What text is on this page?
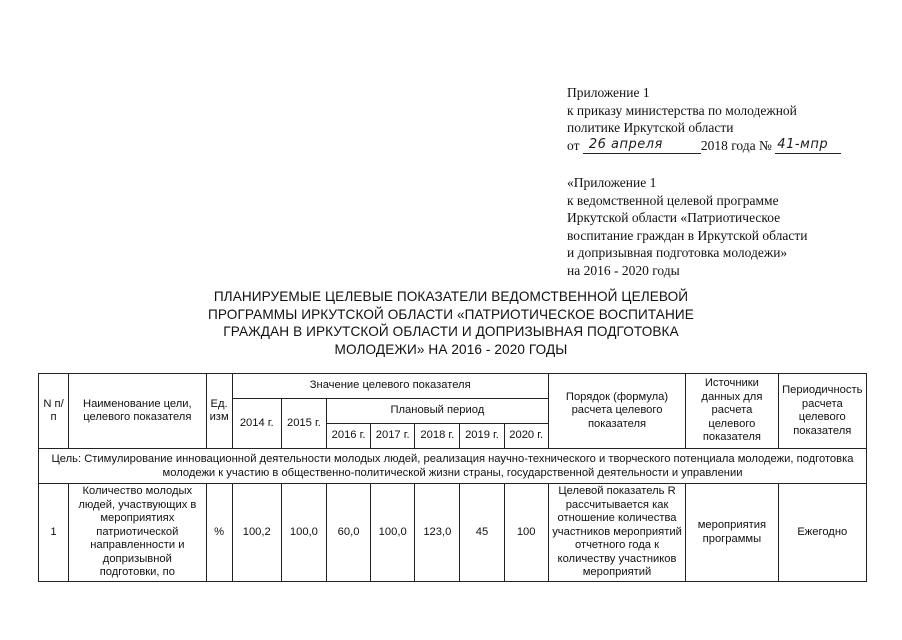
Приложение 1
к приказу министерства по молодежной
политике Иркутской области
от 26 апреля	2018 года № 41-мпр
«Приложение 1
к ведомственной целевой программе
Иркутской области «Патриотическое
воспитание граждан в Иркутской области
и допризывная подготовка молодежи»
на 2016 - 2020 годы
ПЛАНИРУЕМЫЕ ЦЕЛЕВЫЕ ПОКАЗАТЕЛИ ВЕДОМСТВЕННОЙ ЦЕЛЕВОЙ
ПРОГРАММЫ ИРКУТСКОЙ ОБЛАСТИ «ПАТРИОТИЧЕСКОЕ ВОСПИТАНИЕ
ГРАЖДАН В ИРКУТСКОЙ ОБЛАСТИ И ДОПРИЗЫВНАЯ ПОДГОТОВКА
МОЛОДЕЖИ» НА 2016 - 2020 ГОДЫ
N п/п	Наименование цели, целевого показателя	Ед. изм	Значение целевого показателя							Порядок (формула) расчета целевого показателя	Источники данных для расчета целевого показателя	Периодичность расчета целевого показателя
			2014 г.	2015 г.	Плановый период							
					2016 г.	2017 г.	2018 г.	2019 г.	2020 г.			
Цель: Стимулирование инновационной деятельности молодых людей, реализация научно-технического и творческого потенциала молодежи, подготовка молодежи к участию в общественно-политической жизни страны, государственной деятельности и управлении												
1	Количество молодых людей, участвующих в мероприятиях патриотической направленности и допризывной подготовки, по	%	100,2	100,0	60,0	100,0	123,0	45	100	Целевой показатель R рассчитывается как отношение количества участников мероприятий отчетного года к количеству участников мероприятий	мероприятия программы	Ежегодно
